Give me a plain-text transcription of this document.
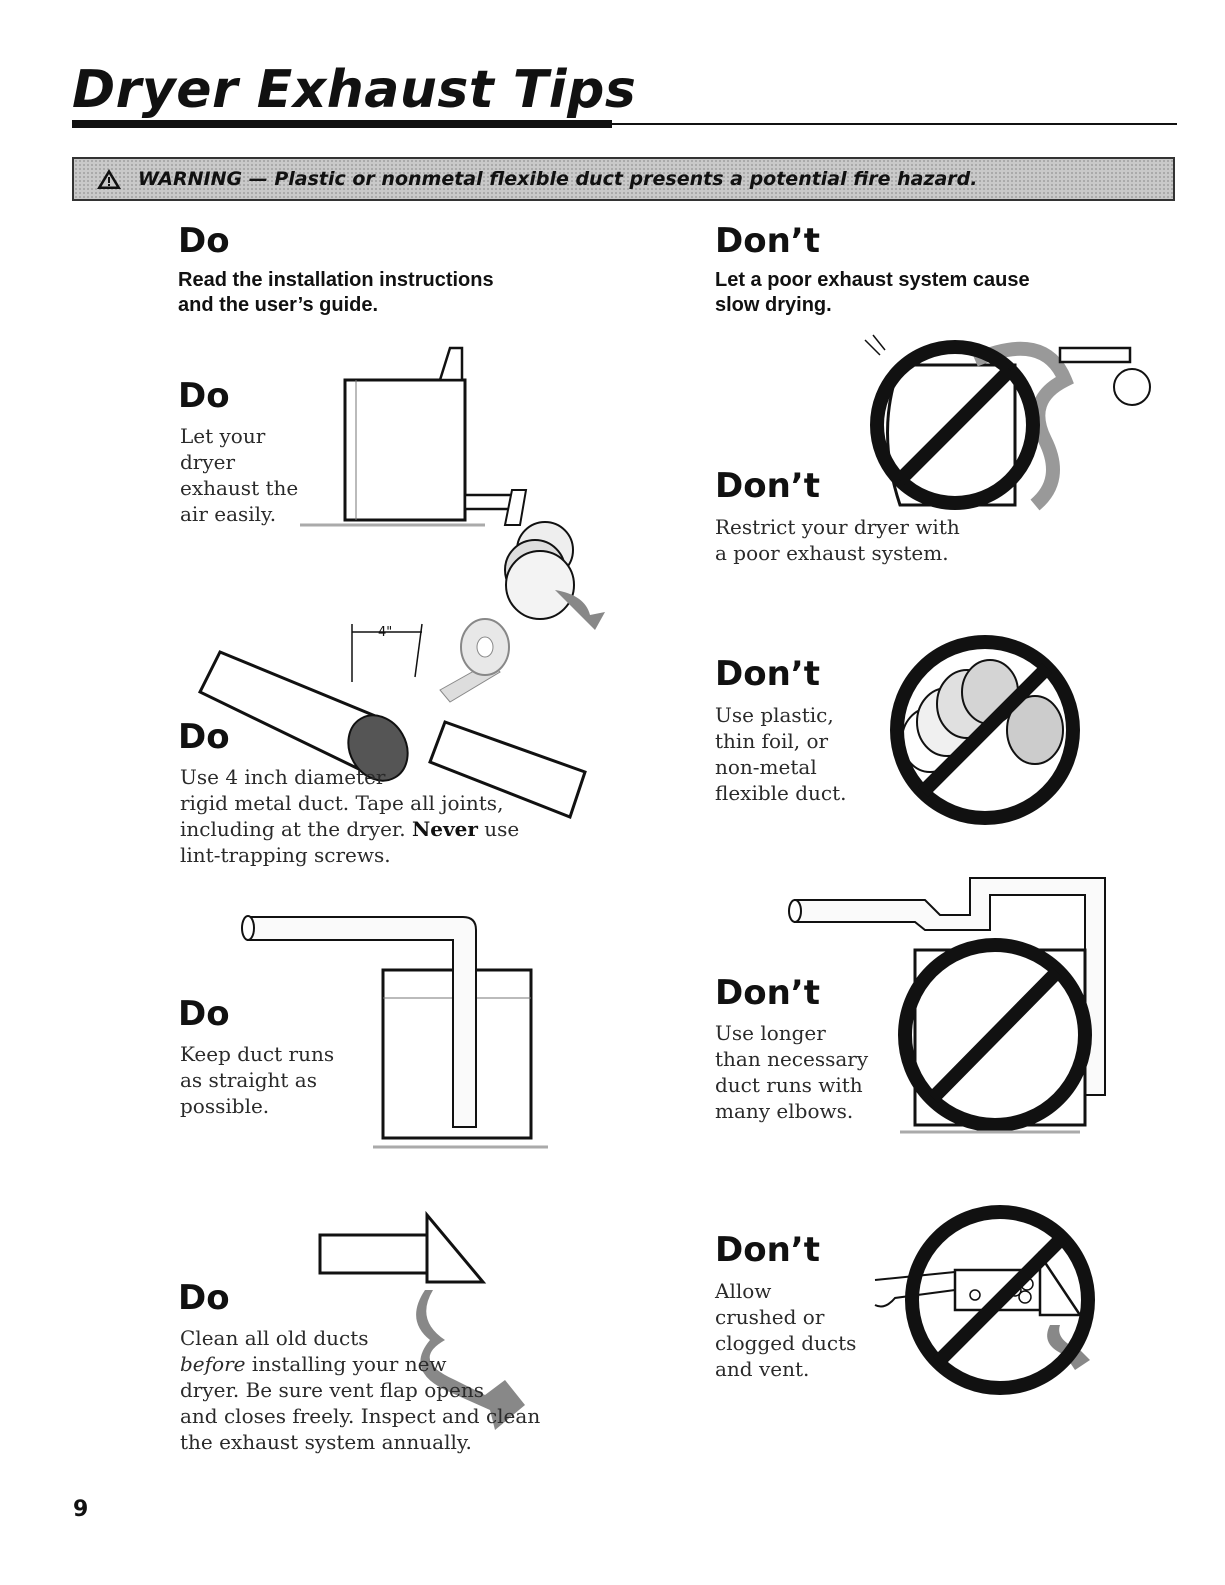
Dryer Exhaust Tips
WARNING — Plastic or nonmetal flexible duct presents a potential fire hazard.
Do

Read the installation instructions

and the user’s guide.

Don’t

Let a poor exhaust system cause

slow drying.

Do

Let your

dryer

exhaust the

air easily.

4"
Do

Use 4 inch diameter

rigid metal duct. Tape all joints,

including at the dryer. Never use

lint-trapping screws.

Do

Keep duct runs

as straight as

possible.

Do

Clean all old ducts

before installing your new

dryer. Be sure vent flap opens

and closes freely. Inspect and clean

the exhaust system annually.

Don’t

Restrict your dryer with

a poor exhaust system.

Don’t

Use plastic,

thin foil, or

non-metal

flexible duct.

Don’t

Use longer

than necessary

duct runs with

many elbows.

Don’t

Allow

crushed or

clogged ducts

and vent.

9
